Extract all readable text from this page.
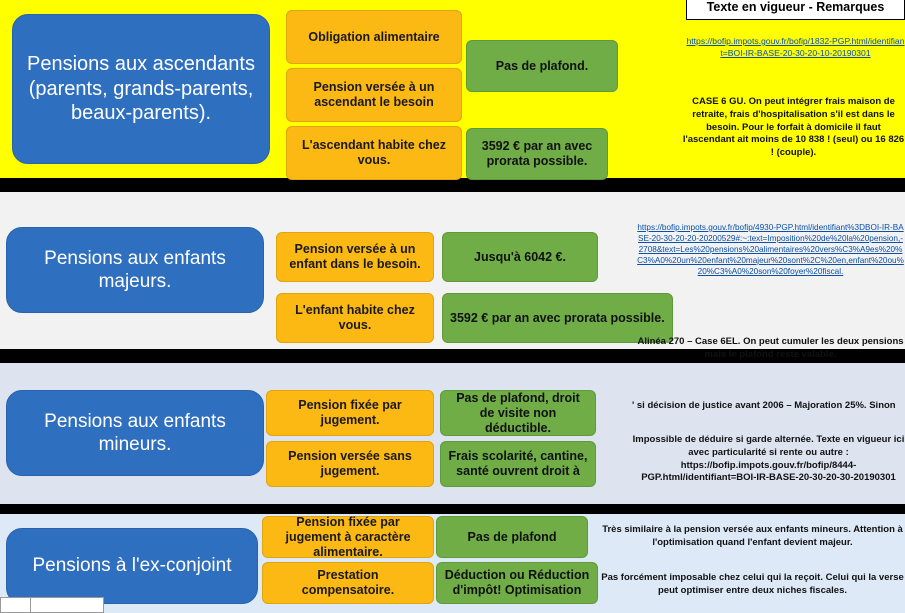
Texte en vigueur - Remarques
Pensions aux ascendants (parents, grands-parents, beaux-parents).
Obligation alimentaire
Pension versée à un ascendant le besoin
L'ascendant habite chez vous.
Pas de plafond.
3592 € par an avec prorata possible.
https://bofip.impots.gouv.fr/bofip/1832-PGP.html/identifiant=BOI-IR-BASE-20-30-20-10-20190301
CASE 6 GU. On peut intégrer frais maison de retraite, frais d'hospitalisation s'il est dans le besoin. Pour le forfait à domicile il faut l'ascendant ait moins de 10 838 ! (seul) ou 16 826 ! (couple).
Pensions aux enfants majeurs.
Pension versée à un enfant dans le besoin.
L'enfant habite chez vous.
Jusqu'à 6042 €.
3592 € par an avec prorata possible.
https://bofip.impots.gouv.fr/bofip/4930-PGP.html/identifiant%3DBOI-IR-BASE-20-30-20-20-20200529#:~:text=Imposition%20de%20la%20pension,-2708&text=Les%20pensions%20alimentaires%20vers%C3%A9es%20%C3%A0%20un%20enfant%20majeur%20sont%2C%20en,enfant%20ou%20%C3%A0%20son%20foyer%20fiscal.
Alinéa 270 – Case 6EL. On peut cumuler les deux pensions mais le plafond reste valable.
Pensions aux enfants mineurs.
Pension fixée par jugement.
Pension versée sans jugement.
Pas de plafond, droit de visite non déductible.
Frais scolarité, cantine, santé ouvrent droit à
' si décision de justice avant 2006 – Majoration 25%. Sinon
Impossible de déduire si garde alternée. Texte en vigueur ici avec particularité si rente ou autre : https://bofip.impots.gouv.fr/bofip/8444-PGP.html/identifiant=BOI-IR-BASE-20-30-20-30-20190301
Pensions à l'ex-conjoint
Pension fixée par jugement à caractère alimentaire.
Prestation compensatoire.
Pas de plafond
Déduction ou Réduction d'impôt! Optimisation
Très similaire à la pension versée aux enfants mineurs. Attention à l'optimisation quand l'enfant devient majeur.
Pas forcément imposable chez celui qui la reçoit. Celui qui la verse peut optimiser entre deux niches fiscales.
